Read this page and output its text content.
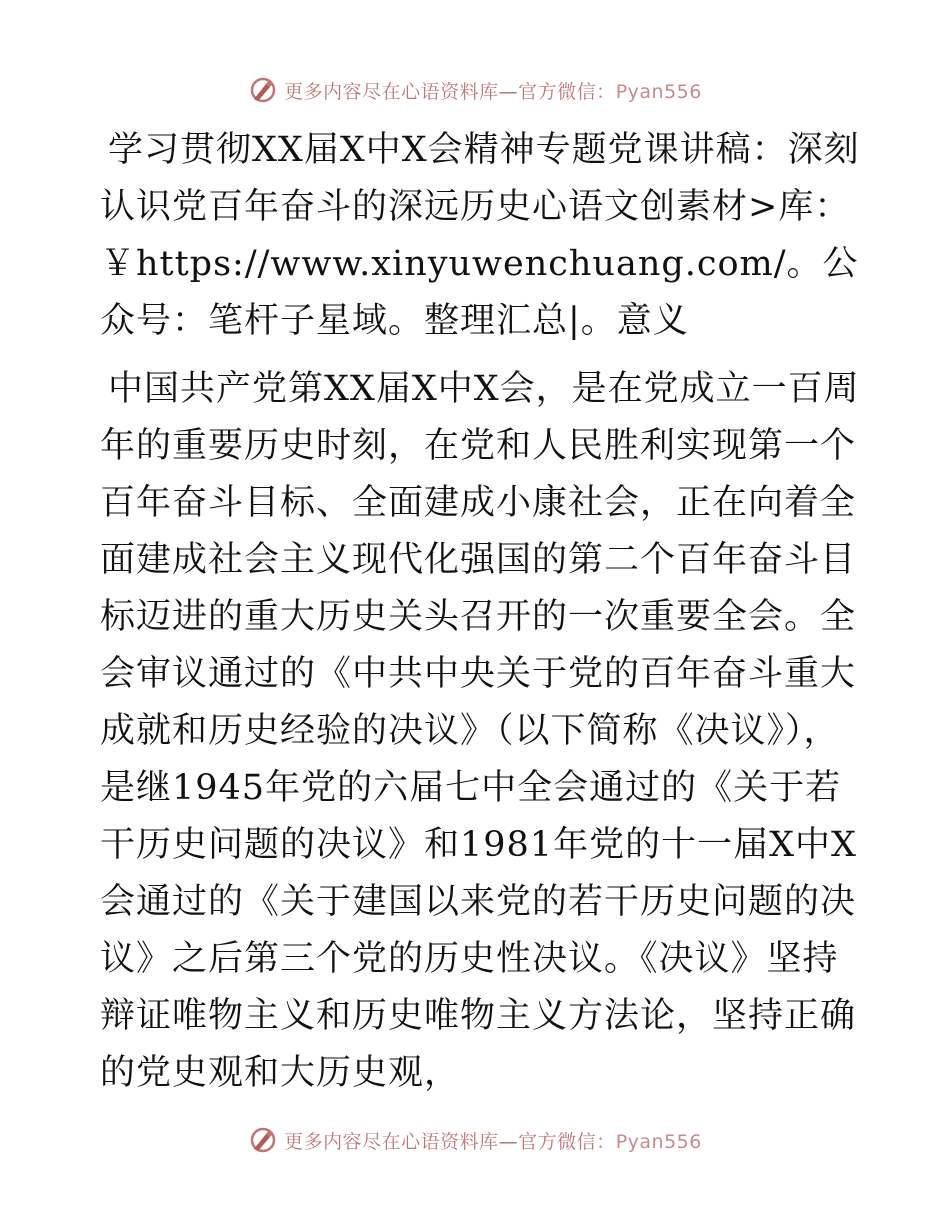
更多内容尽在心语资料库—官方微信：Pyan556

学习贯彻XX届X中X会精神专题党课讲稿：深刻认识党百年奋斗的深远历史心语文创素材>库：￥https://www.xinyuwenchuang.com/。公众号：笔杆子星域。整理汇总|。意义

中国共产党第XX届X中X会，是在党成立一百周年的重要历史时刻，在党和人民胜利实现第一个百年奋斗目标、全面建成小康社会，正在向着全面建成社会主义现代化强国的第二个百年奋斗目标迈进的重大历史关头召开的一次重要全会。全会审议通过的《中共中央关于党的百年奋斗重大成就和历史经验的决议》（以下简称《决议》），是继1945年党的六届七中全会通过的《关于若干历史问题的决议》和1981年党的十一届X中X会通过的《关于建国以来党的若干历史问题的决议》之后第三个党的历史性决议。《决议》坚持辩证唯物主义和历史唯物主义方法论，坚持正确的党史观和大历史观，

更多内容尽在心语资料库—官方微信：Pyan556
